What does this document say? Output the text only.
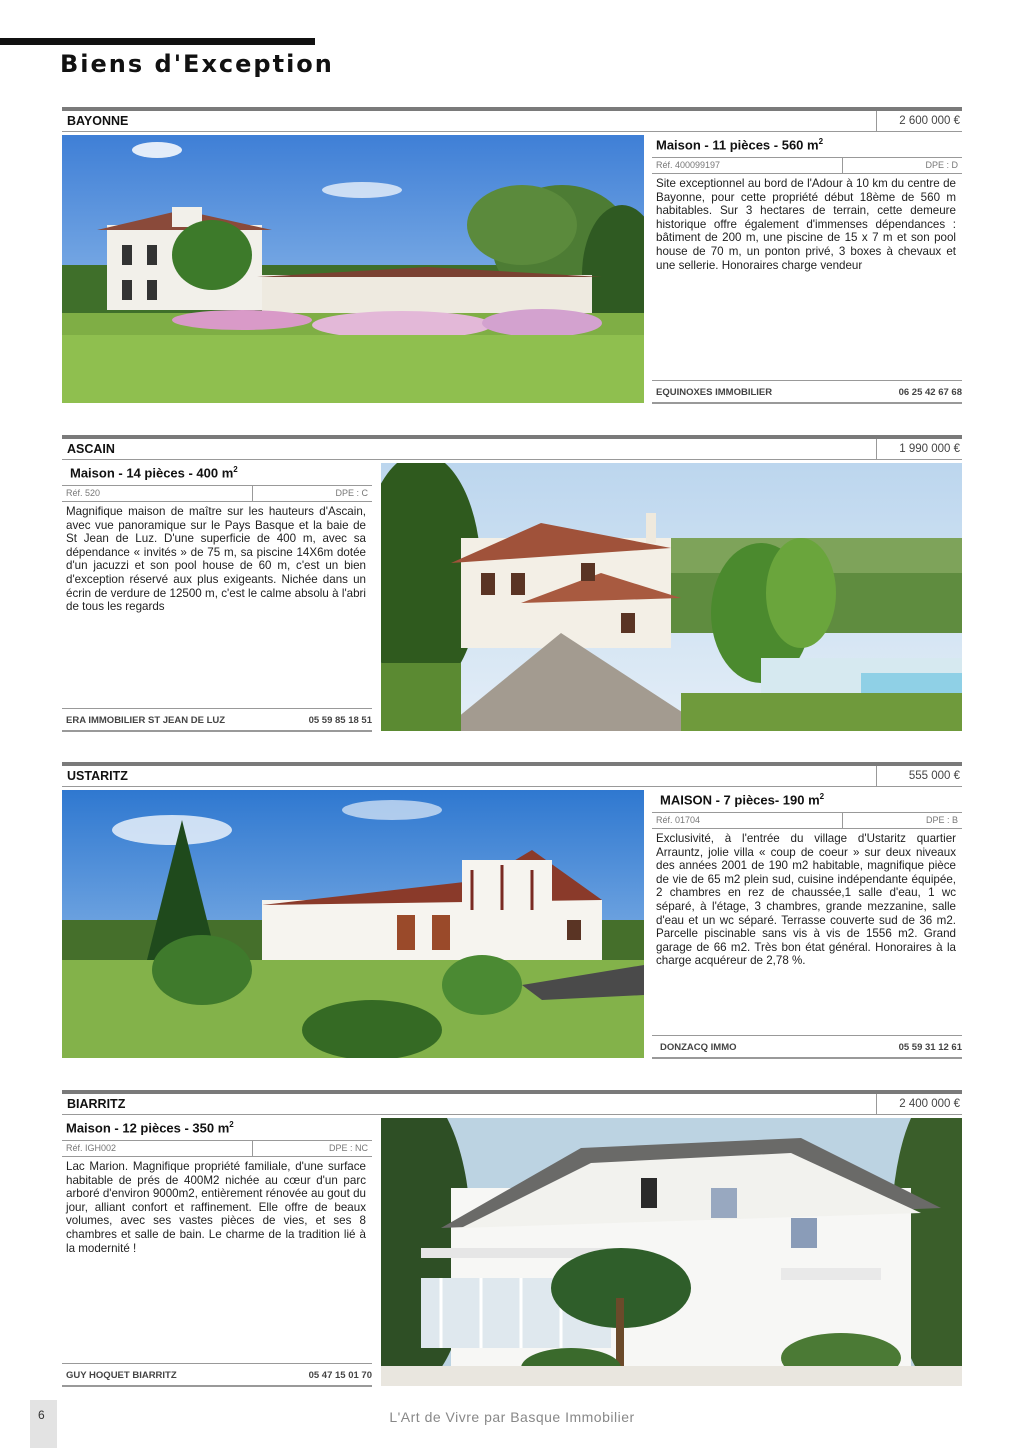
Biens d'Exception
BAYONNE	2 600 000 €

Maison - 11 pièces - 560 $m^2$

Réf. 400099197	DPE : D

Site exceptionnel au bord de l'Adour à 10 km du centre de Bayonne, pour cette propriété début 18ème de 560 m habitables. Sur 3 hectares de terrain, cette demeure historique offre également d'immenses dépendances : bâtiment de 200 m, une piscine de 15 x 7 m et son pool house de 70 m, un ponton privé, 3 boxes à chevaux et une sellerie. Honoraires charge vendeur

EQUINOXES IMMOBILIER	06 25 42 67 68
ASCAIN	1 990 000 €

Maison - 14 pièces - 400 $m^2$

Réf. 520	DPE : C

Magnifique maison de maître sur les hauteurs d'Ascain, avec vue panoramique sur le Pays Basque et la baie de St Jean de Luz. D'une superficie de 400 m, avec sa dépendance « invités » de 75 m, sa piscine 14X6m dotée d'un jacuzzi et son pool house de 60 m, c'est un bien d'exception réservé aux plus exigeants. Nichée dans un écrin de verdure de 12500 m, c'est le calme absolu à l'abri de tous les regards

ERA IMMOBILIER ST JEAN DE LUZ	05 59 85 18 51
USTARITZ	555 000 €

MAISON - 7 pièces- 190 $m^2$

Réf. 01704	DPE : B

Exclusivité, à l'entrée du village d'Ustaritz quartier Arrauntz, jolie villa « coup de coeur » sur deux niveaux des années 2001 de 190 m2 habitable, magnifique pièce de vie de 65 m2 plein sud, cuisine indépendante équipée, 2 chambres en rez de chaussée,1 salle d'eau, 1 wc séparé, à l'étage, 3 chambres, grande mezzanine, salle d'eau et un wc séparé. Terrasse couverte sud de 36 m2. Parcelle piscinable sans vis à vis de 1556 m2. Grand garage de 66 m2. Très bon état général. Honoraires à la charge acquéreur de 2,78 %.

DONZACQ IMMO	05 59 31 12 61
BIARRITZ	2 400 000 €

Maison - 12 pièces - 350 $m^2$

Réf. IGH002	DPE : NC

Lac Marion. Magnifique propriété familiale, d'une surface habitable de prés de 400M2 nichée au cœur d'un parc arboré d'environ 9000m2, entièrement rénovée au gout du jour, alliant confort et raffinement. Elle offre de beaux volumes, avec ses vastes pièces de vies, et ses 8 chambres et salle de bain. Le charme de la tradition lié à la modernité !

GUY HOQUET BIARRITZ	05 47 15 01 70
6	L'Art de Vivre par Basque Immobilier
